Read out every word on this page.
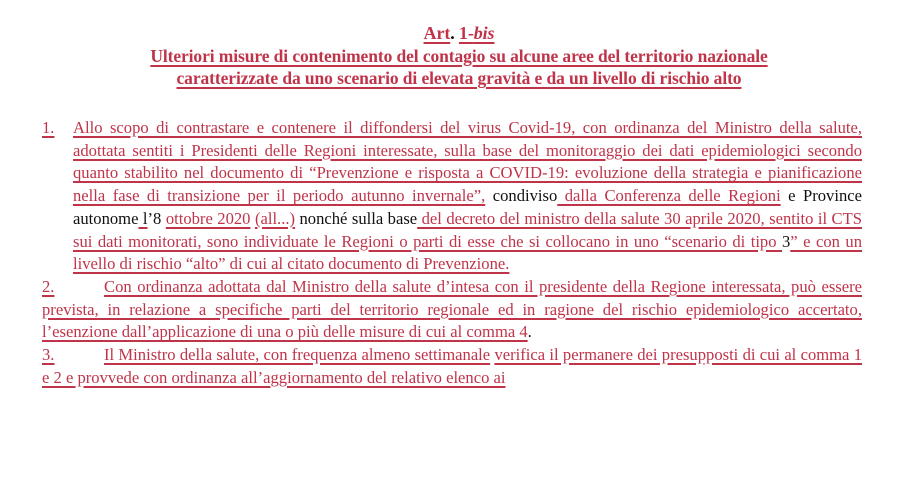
Art. 1-bis
Ulteriori misure di contenimento del contagio su alcune aree del territorio nazionale
caratterizzate da uno scenario di elevata gravità e da un livello di rischio alto

1. Allo scopo di contrastare e contenere il diffondersi del virus Covid-19, con ordinanza del Ministro della salute, adottata sentiti i Presidenti delle Regioni interessate, sulla base del monitoraggio dei dati epidemiologici secondo quanto stabilito nel documento di “Prevenzione e risposta a COVID-19: evoluzione della strategia e pianificazione nella fase di transizione per il periodo autunno invernale”, condiviso dalla Conferenza delle Regioni e Province autonome l’8 ottobre 2020 (all...) nonché sulla base del decreto del ministro della salute 30 aprile 2020, sentito il CTS sui dati monitorati, sono individuate le Regioni o parti di esse che si collocano in uno “scenario di tipo 3” e con un livello di rischio “alto” di cui al citato documento di Prevenzione.

2.	Con ordinanza adottata dal Ministro della salute d’intesa con il presidente della Regione interessata, può essere prevista, in relazione a specifiche parti del territorio regionale ed in ragione del rischio epidemiologico accertato, l’esenzione dall’applicazione di una o più delle misure di cui al comma 4.

3.	Il Ministro della salute, con frequenza almeno settimanale verifica il permanere dei presupposti di cui al comma 1 e 2 e provvede con ordinanza all’aggiornamento del relativo elenco ai
